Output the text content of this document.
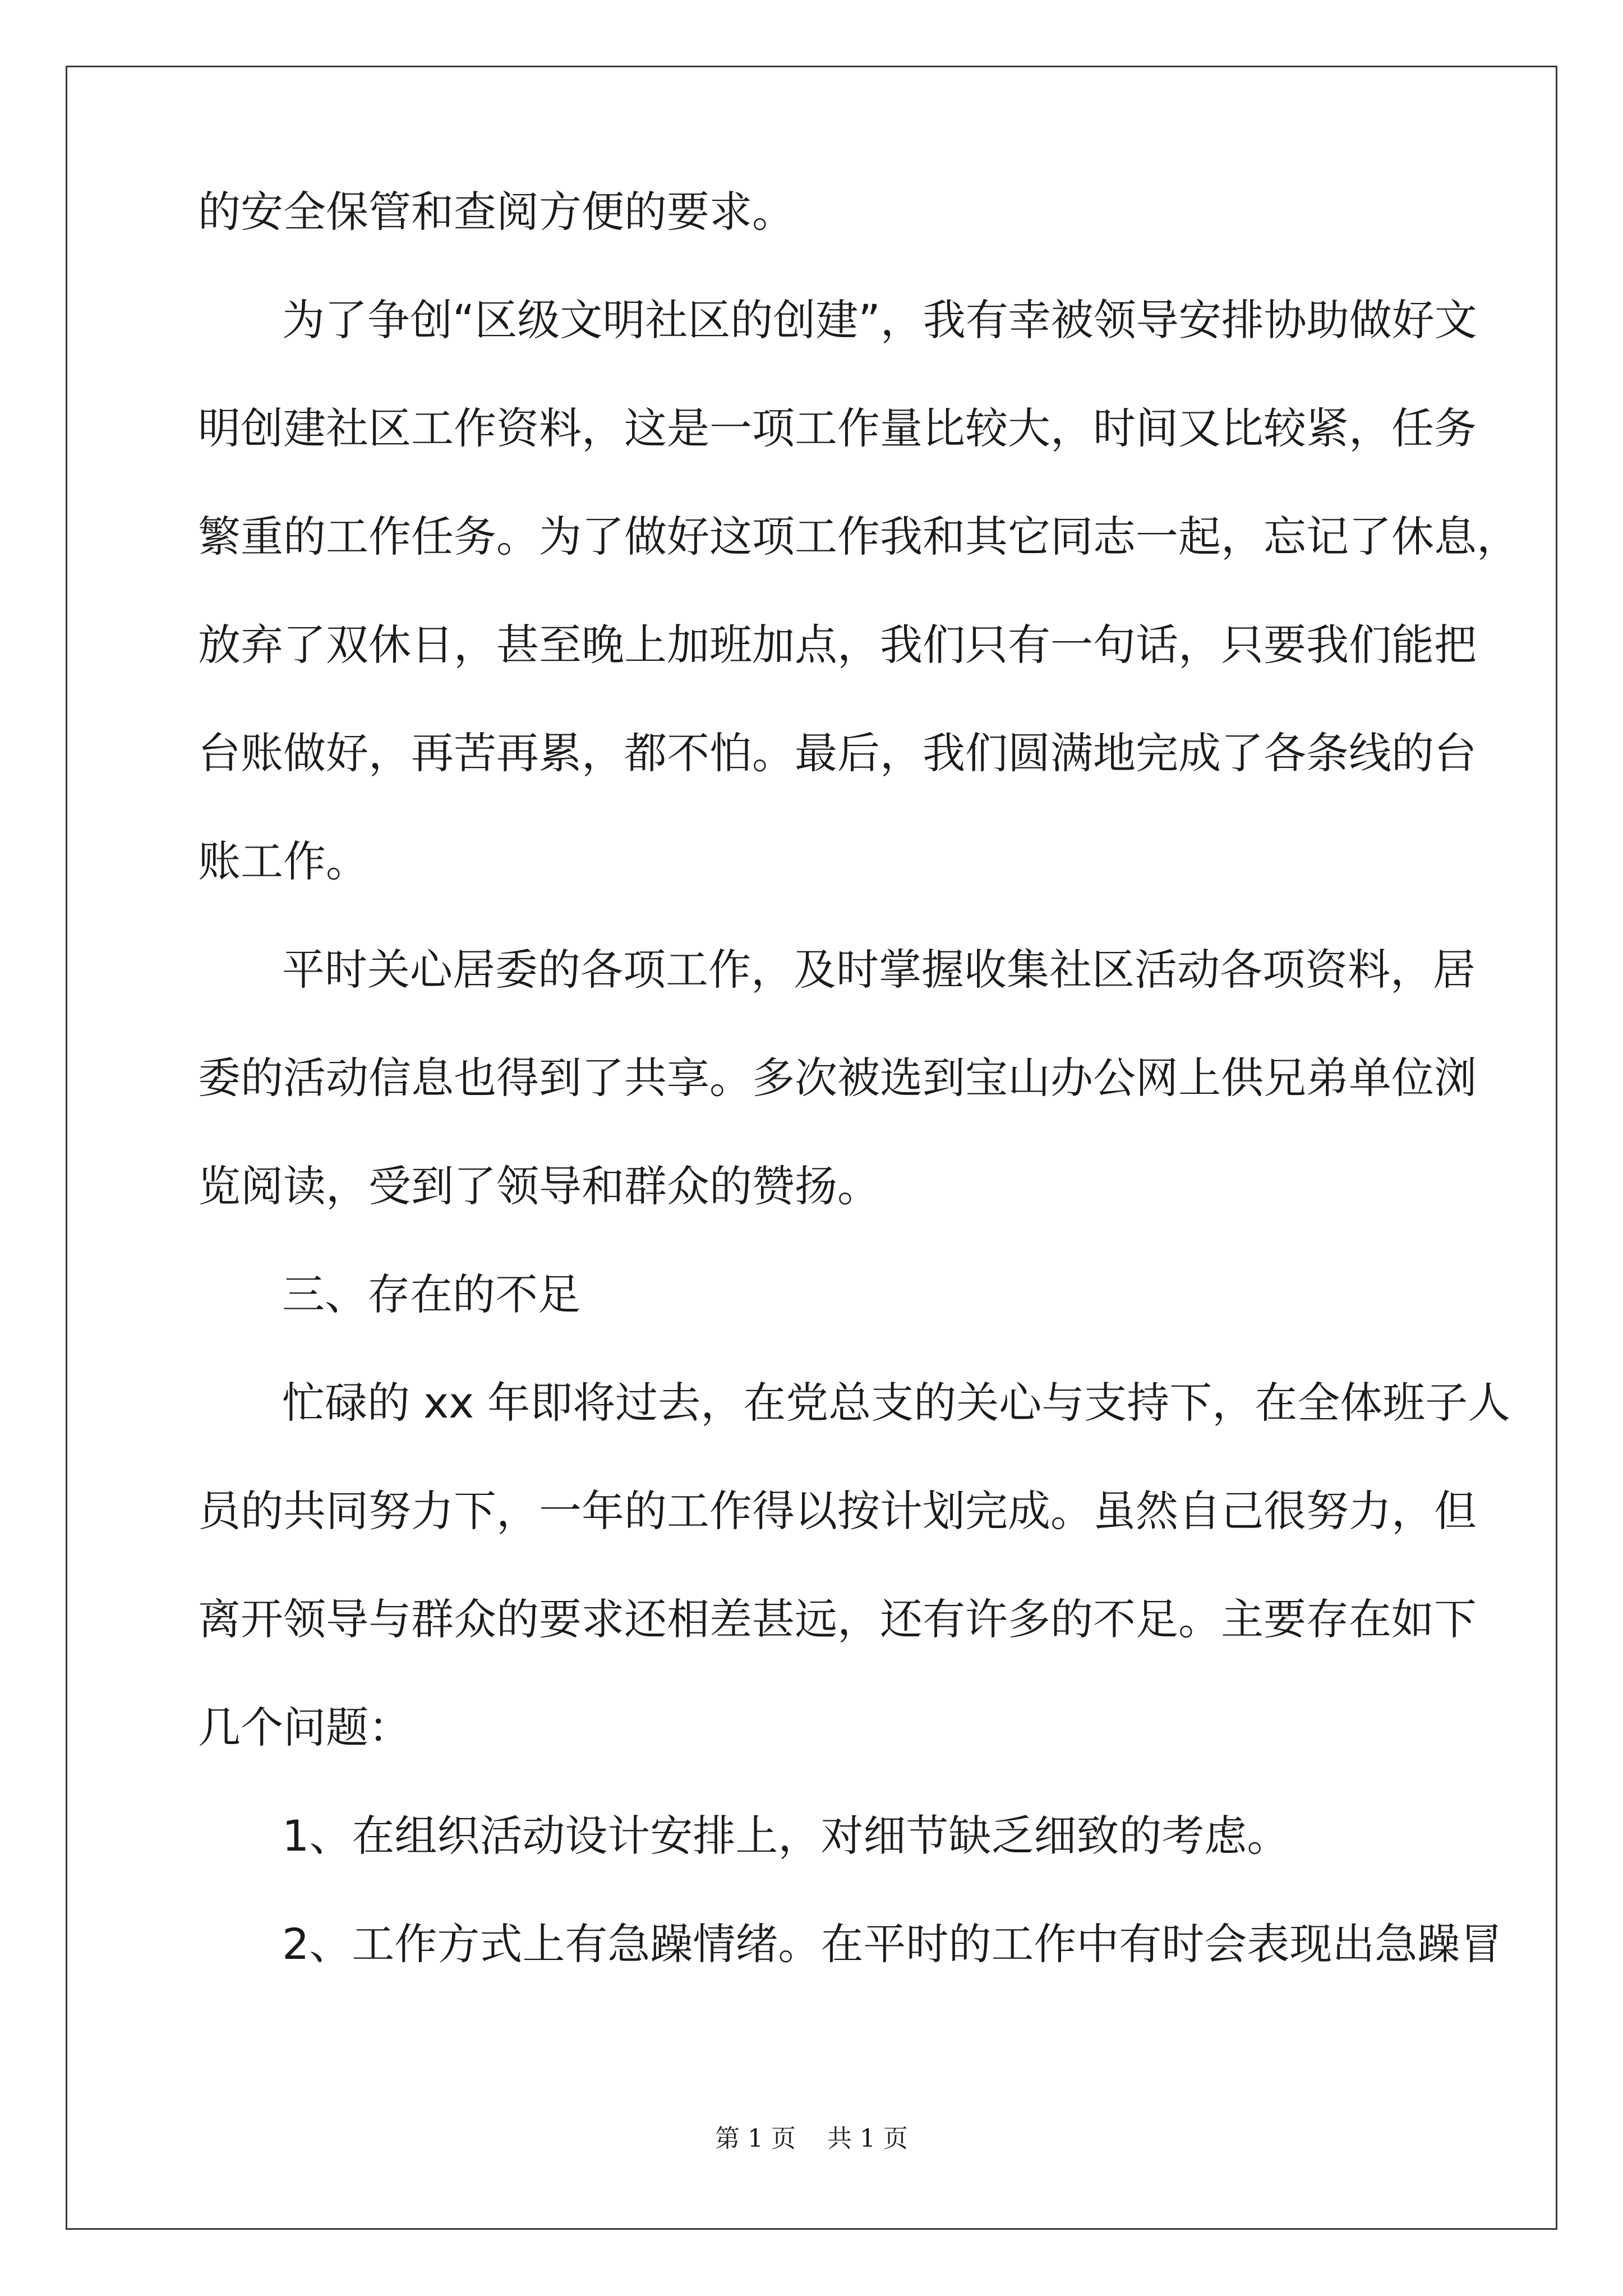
的安全保管和查阅方便的要求。
为了争创“区级文明社区的创建”，我有幸被领导安排协助做好文
明创建社区工作资料，这是一项工作量比较大，时间又比较紧，任务
繁重的工作任务。为了做好这项工作我和其它同志一起，忘记了休息，
放弃了双休日，甚至晚上加班加点，我们只有一句话，只要我们能把
台账做好，再苦再累，都不怕。最后，我们圆满地完成了各条线的台
账工作。
平时关心居委的各项工作，及时掌握收集社区活动各项资料，居
委的活动信息也得到了共享。多次被选到宝山办公网上供兄弟单位浏
览阅读，受到了领导和群众的赞扬。
三、存在的不足
忙碌的 xx 年即将过去，在党总支的关心与支持下，在全体班子人
员的共同努力下，一年的工作得以按计划完成。虽然自己很努力，但
离开领导与群众的要求还相差甚远，还有许多的不足。主要存在如下
几个问题：
1、在组织活动设计安排上，对细节缺乏细致的考虑。
2、工作方式上有急躁情绪。在平时的工作中有时会表现出急躁冒
第 1 页    共 1 页
